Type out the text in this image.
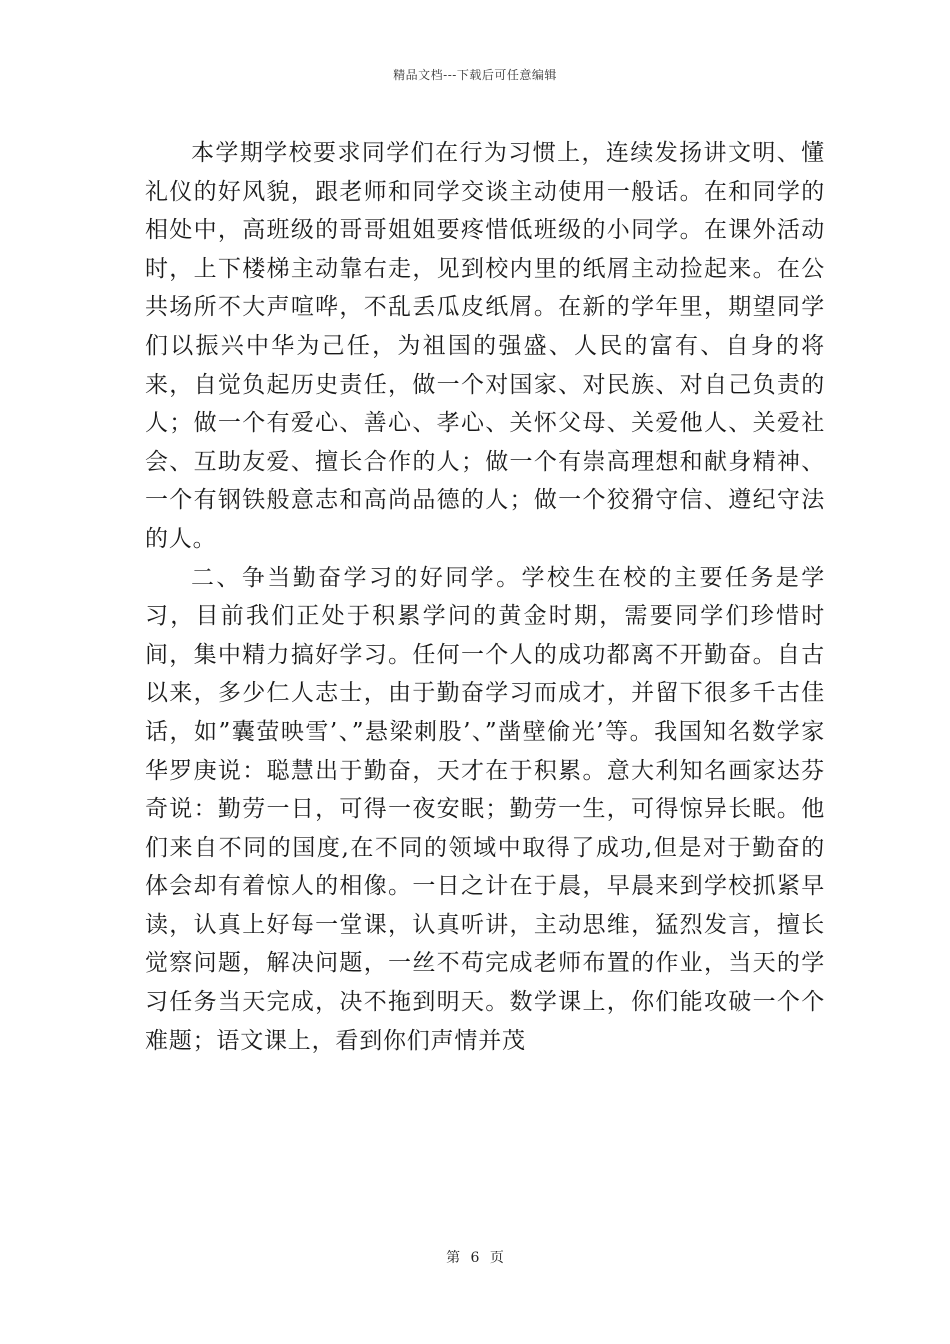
精品文档---下载后可任意编辑

本学期学校要求同学们在行为习惯上，连续发扬讲文明、懂礼仪的好风貌，跟老师和同学交谈主动使用一般话。在和同学的相处中，高班级的哥哥姐姐要疼惜低班级的小同学。在课外活动时，上下楼梯主动靠右走，见到校内里的纸屑主动捡起来。在公共场所不大声喧哗，不乱丢瓜皮纸屑。在新的学年里，期望同学们以振兴中华为己任，为祖国的强盛、人民的富有、自身的将来，自觉负起历史责任，做一个对国家、对民族、对自己负责的人；做一个有爱心、善心、孝心、关怀父母、关爱他人、关爱社会、互助友爱、擅长合作的人；做一个有崇高理想和献身精神、一个有钢铁般意志和高尚品德的人；做一个狡猾守信、遵纪守法的人。

二、争当勤奋学习的好同学。学校生在校的主要任务是学习，目前我们正处于积累学问的黄金时期，需要同学们珍惜时间，集中精力搞好学习。任何一个人的成功都离不开勤奋。自古以来，多少仁人志士，由于勤奋学习而成才，并留下很多千古佳话，如”囊萤映雪’、”悬梁刺股’、”凿壁偷光’等。我国知名数学家华罗庚说：聪慧出于勤奋，天才在于积累。意大利知名画家达芬奇说：勤劳一日，可得一夜安眠；勤劳一生，可得惊异长眠。他们来自不同的国度,在不同的领域中取得了成功,但是对于勤奋的体会却有着惊人的相像。一日之计在于晨，早晨来到学校抓紧早读，认真上好每一堂课，认真听讲，主动思维，猛烈发言，擅长觉察问题，解决问题，一丝不苟完成老师布置的作业，当天的学习任务当天完成，决不拖到明天。数学课上，你们能攻破一个个难题；语文课上，看到你们声情并茂

第 6 页
